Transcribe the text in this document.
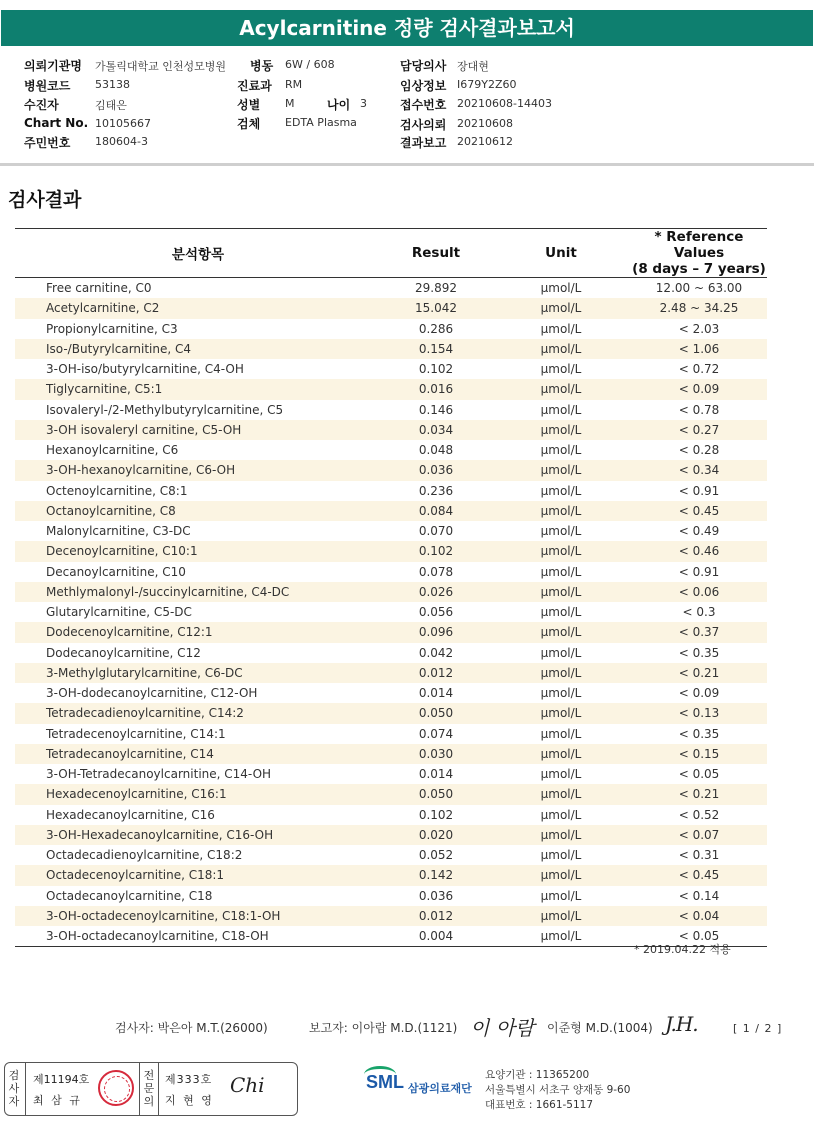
Acylcarnitine 정량 검사결과보고서
의뢰기관명 가톨릭대학교 인천성모병원 병동 6W / 608	담당의사 장대현
병원코드 53138	진료과 RM	임상정보 I679Y2Z60
수진자	김태은	성별 M	나이 3	접수번호 20210608-14403
Chart No. 10105667	검체 EDTA Plasma	검사의뢰 20210608
주민번호 180604-3	결과보고 20210612
검사결과
분석항목	Result	Unit	* Reference Values
(8 days – 7 years)

Free carnitine, C0	29.892	μmol/L	12.00 ~ 63.00
Acetylcarnitine, C2	15.042	μmol/L	2.48 ~ 34.25
Propionylcarnitine, C3	0.286	μmol/L	< 2.03
Iso-/Butyrylcarnitine, C4	0.154	μmol/L	< 1.06
3-OH-iso/butyrylcarnitine, C4-OH	0.102	μmol/L	< 0.72
Tiglycarnitine, C5:1	0.016	μmol/L	< 0.09
Isovaleryl-/2-Methylbutyrylcarnitine, C5	0.146	μmol/L	< 0.78
3-OH isovaleryl carnitine, C5-OH	0.034	μmol/L	< 0.27
Hexanoylcarnitine, C6	0.048	μmol/L	< 0.28
3-OH-hexanoylcarnitine, C6-OH	0.036	μmol/L	< 0.34
Octenoylcarnitine, C8:1	0.236	μmol/L	< 0.91
Octanoylcarnitine, C8	0.084	μmol/L	< 0.45
Malonylcarnitine, C3-DC	0.070	μmol/L	< 0.49
Decenoylcarnitine, C10:1	0.102	μmol/L	< 0.46
Decanoylcarnitine, C10	0.078	μmol/L	< 0.91
Methlymalonyl-/succinylcarnitine, C4-DC	0.026	μmol/L	< 0.06
Glutarylcarnitine, C5-DC	0.056	μmol/L	< 0.3
Dodecenoylcarnitine, C12:1	0.096	μmol/L	< 0.37
Dodecanoylcarnitine, C12	0.042	μmol/L	< 0.35
3-Methylglutarylcarnitine, C6-DC	0.012	μmol/L	< 0.21
3-OH-dodecanoylcarnitine, C12-OH	0.014	μmol/L	< 0.09
Tetradecadienoylcarnitine, C14:2	0.050	μmol/L	< 0.13
Tetradecenoylcarnitine, C14:1	0.074	μmol/L	< 0.35
Tetradecanoylcarnitine, C14	0.030	μmol/L	< 0.15
3-OH-Tetradecanoylcarnitine, C14-OH	0.014	μmol/L	< 0.05
Hexadecenoylcarnitine, C16:1	0.050	μmol/L	< 0.21
Hexadecanoylcarnitine, C16	0.102	μmol/L	< 0.52
3-OH-Hexadecanoylcarnitine, C16-OH	0.020	μmol/L	< 0.07
Octadecadienoylcarnitine, C18:2	0.052	μmol/L	< 0.31
Octadecenoylcarnitine, C18:1	0.142	μmol/L	< 0.45
Octadecanoylcarnitine, C18	0.036	μmol/L	< 0.14
3-OH-octadecenoylcarnitine, C18:1-OH	0.012	μmol/L	< 0.04
3-OH-octadecanoylcarnitine, C18-OH	0.004	μmol/L	< 0.05
* 2019.04.22 적용
검사자: 박은아 M.T.(26000)	보고자: 이아람 M.D.(1121) 이 아람 이준형 M.D.(1004) J.H.	[ 1 / 2 ]
검
사
자
제11194호
최 삼 규
전
문
의
제333호
지 현 영
Chi	SML 삼광의료재단
요양기관 : 11365200
서울특별시 서초구 양재동 9-60
대표번호 : 1661-5117
